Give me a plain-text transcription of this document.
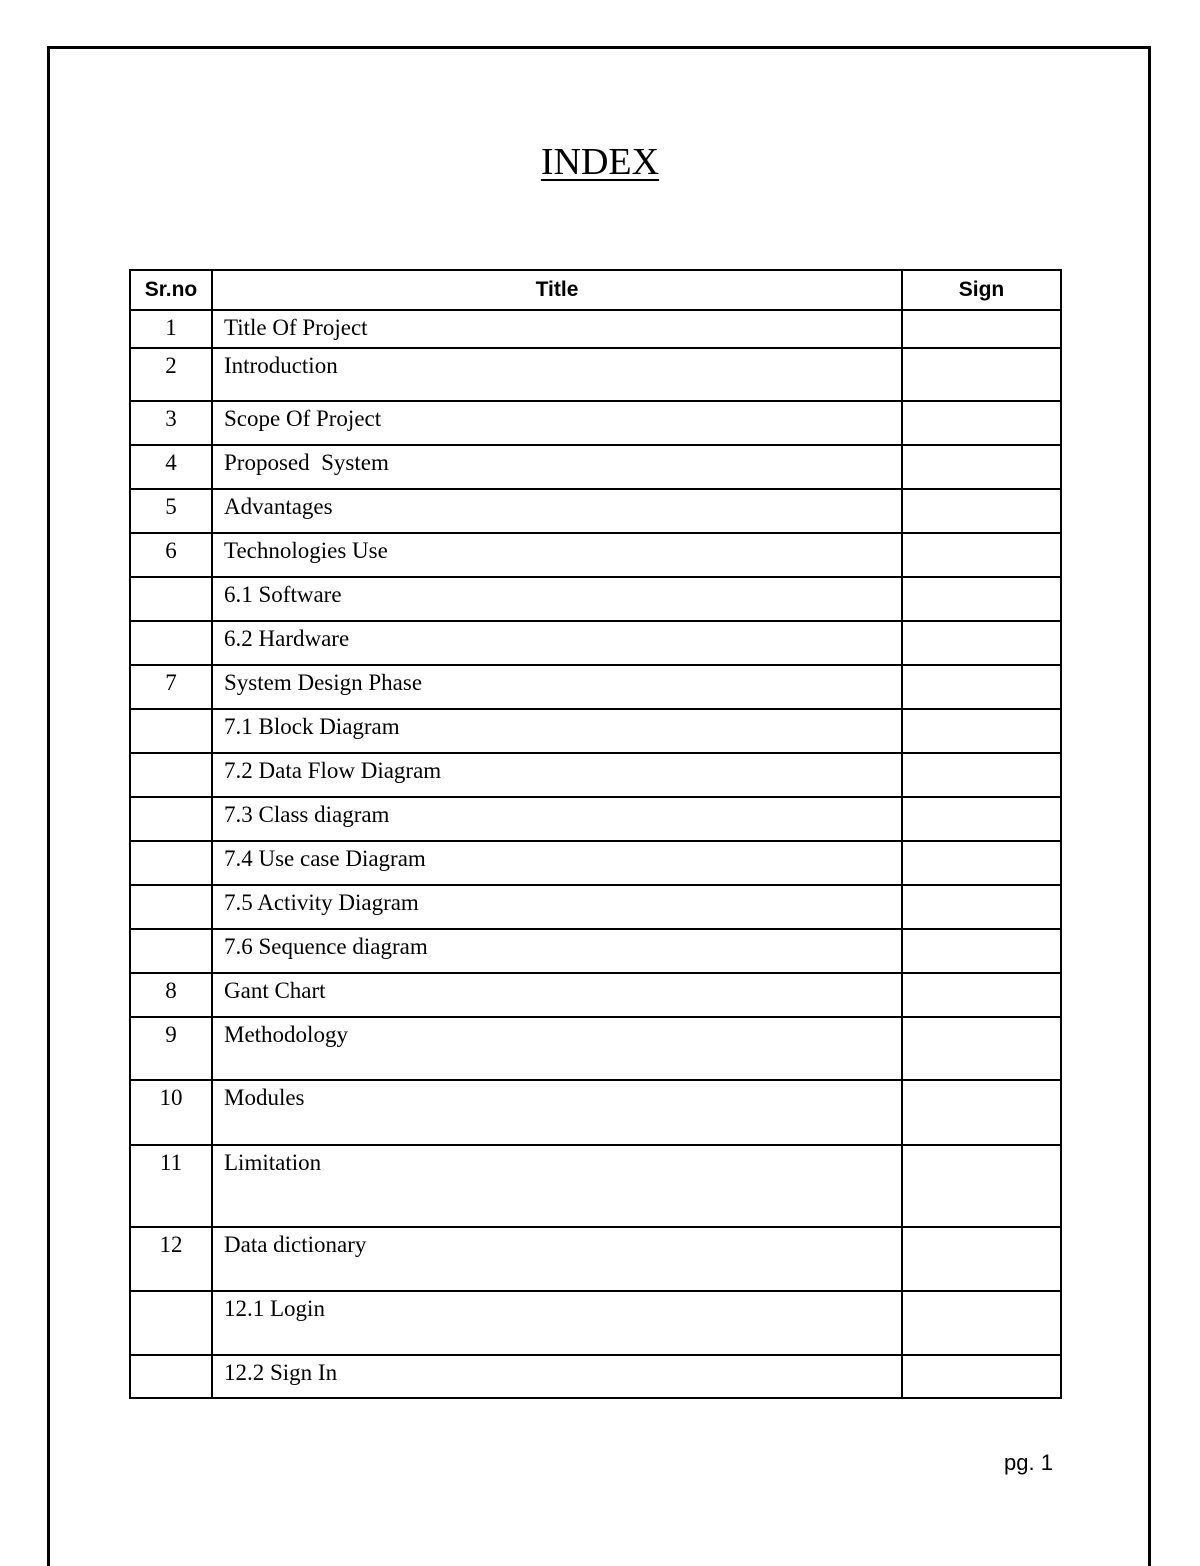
INDEX
Sr.no	Title	Sign
1	Title Of Project	
2	Introduction	
3	Scope Of Project	
4	Proposed  System	
5	Advantages	
6	Technologies Use	
	6.1 Software	
	6.2 Hardware	
7	System Design Phase	
	7.1 Block Diagram	
	7.2 Data Flow Diagram	
	7.3 Class diagram	
	7.4 Use case Diagram	
	7.5 Activity Diagram	
	7.6 Sequence diagram	
8	Gant Chart	
9	Methodology	
10	Modules	
11	Limitation	
12	Data dictionary	
	12.1 Login	
	12.2 Sign In	
pg. 1
